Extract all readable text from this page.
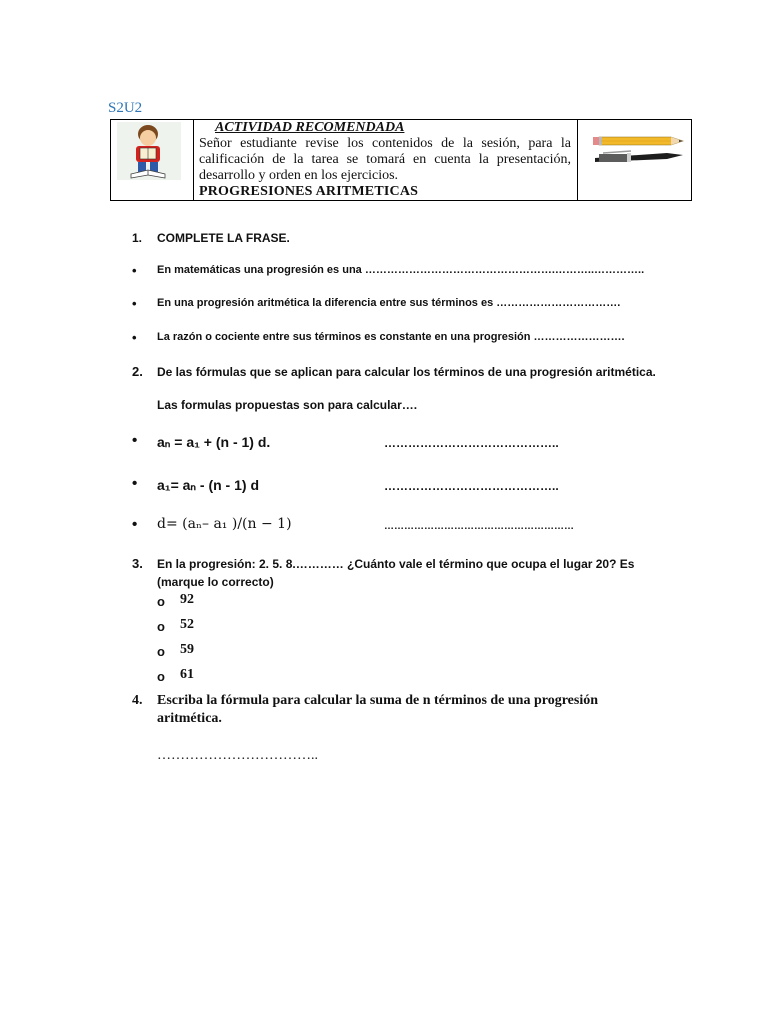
S2U2
ACTIVIDAD RECOMENDADA
Señor estudiante revise los contenidos de la sesión, para la calificación de la tarea se tomará en cuenta la presentación, desarrollo y orden en los ejercicios.
PROGRESIONES ARITMETICAS
1. COMPLETE LA FRASE.
• En matemáticas una progresión es una …………………………………………….………..…………..
• En una progresión aritmética la diferencia entre sus términos es …………………………….
• La razón o cociente entre sus términos es constante en una progresión …………………….
2. De las fórmulas que se aplican para calcular los términos de una progresión aritmética.
Las formulas propuestas son para calcular….
• aₙ = a₁ + (n - 1) d.	……………………………………..
• a₁= aₙ - (n - 1) d	……………………………………..
• d= (aₙ– a₁ )/(n − 1)	…………………………………………………
3. En la progresión: 2. 5. 8.………… ¿Cuánto vale el término que ocupa el lugar 20? Es
(marque lo correcto)
o 92
o 52
o 59
o 61
4. Escriba la fórmula para calcular la suma de n términos de una progresión
aritmética.
……………………………..
